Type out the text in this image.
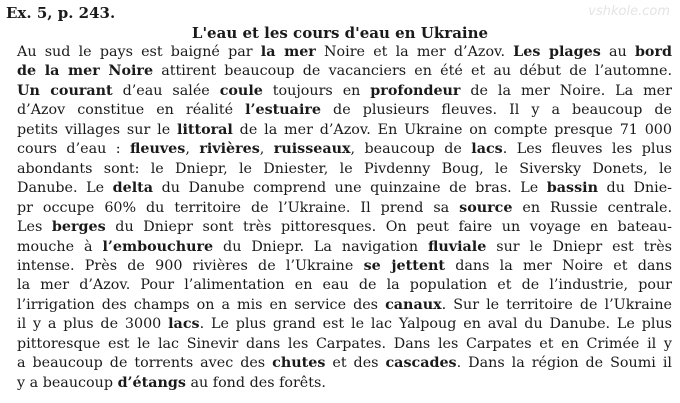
Ex. 5, p. 243.	vshkole.com
L'eau et les cours d'eau en Ukraine
Au sud le pays est baigné par la mer Noire et la mer d’Azov. Les plages au bord
de la mer Noire attirent beaucoup de vacanciers en été et au début de l’automne.
Un courant d’eau salée coule toujours en profondeur de la mer Noire. La mer
d’Azov constitue en réalité l’estuaire de plusieurs fleuves. Il y a beaucoup de
petits villages sur le littoral de la mer d’Azov. En Ukraine on compte presque 71 000
cours d’eau : fleuves, rivières, ruisseaux, beaucoup de lacs. Les fleuves les plus
abondants sont: le Dniepr, le Dniester, le Pivdenny Boug, le Siversky Donets, le
Danube. Le delta du Danube comprend une quinzaine de bras. Le bassin du Dnie-
pr occupe 60% du territoire de l’Ukraine. Il prend sa source en Russie centrale.
Les berges du Dniepr sont très pittoresques. On peut faire un voyage en bateau-
mouche à l’embouchure du Dniepr. La navigation fluviale sur le Dniepr est très
intense. Près de 900 rivières de l’Ukraine se jettent dans la mer Noire et dans
la mer d’Azov. Pour l’alimentation en eau de la population et de l’industrie, pour
l’irrigation des champs on a mis en service des canaux. Sur le territoire de l’Ukraine
il y a plus de 3000 lacs. Le plus grand est le lac Yalpoug en aval du Danube. Le plus
pittoresque est le lac Sinevir dans les Carpates. Dans les Carpates et en Crimée il y
a beaucoup de torrents avec des chutes et des cascades. Dans la région de Soumi il
y a beaucoup d’étangs au fond des forêts.
